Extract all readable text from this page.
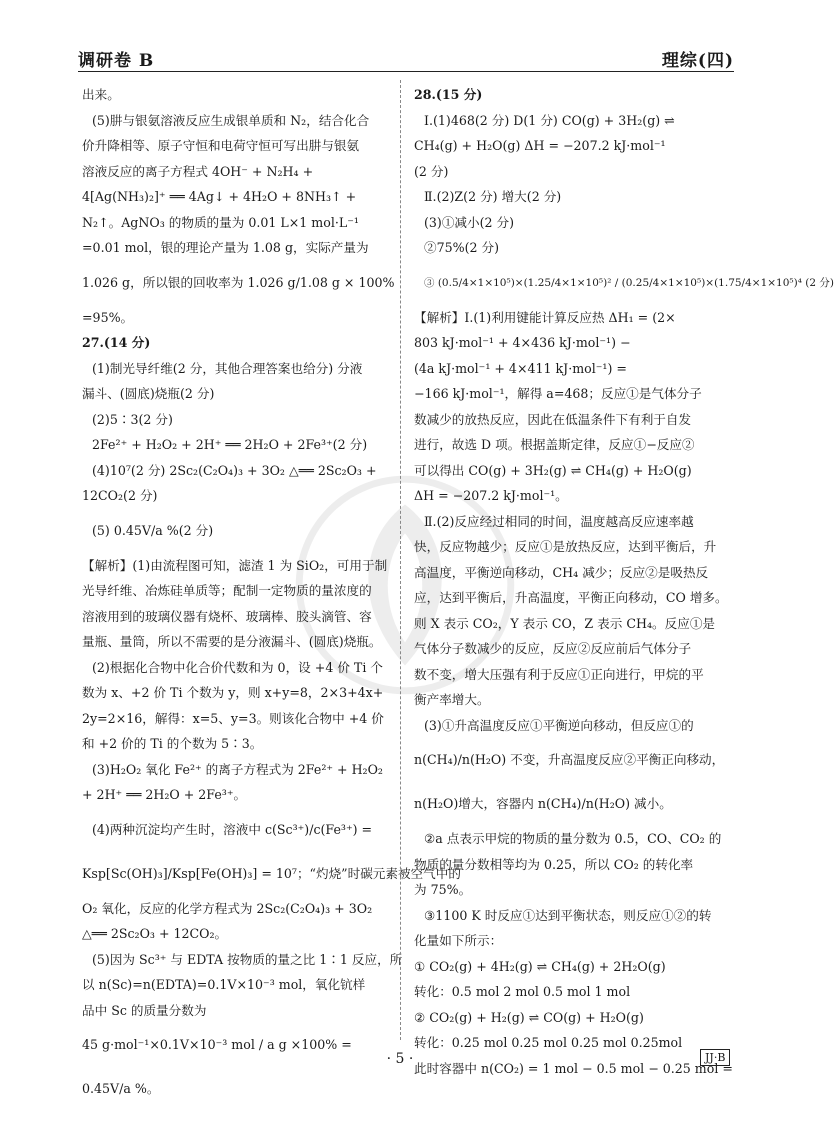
调研卷 B	理综(四)
出来。
(5)肼与银氨溶液反应生成银单质和 N₂，结合化合
价升降相等、原子守恒和电荷守恒可写出肼与银氨
溶液反应的离子方程式 4OH⁻ + N₂H₄ +
4[Ag(NH₃)₂]⁺ ══ 4Ag↓ + 4H₂O + 8NH₃↑ +
N₂↑。AgNO₃ 的物质的量为 0.01 L×1 mol·L⁻¹
=0.01 mol，银的理论产量为 1.08 g，实际产量为
1.026 g，所以银的回收率为 1.026 g/1.08 g × 100%
=95%。
27.(14 分)
(1)制光导纤维(2 分，其他合理答案也给分) 分液
漏斗、(圆底)烧瓶(2 分)
(2)5∶3(2 分)
2Fe²⁺ + H₂O₂ + 2H⁺ ══ 2H₂O + 2Fe³⁺(2 分)
(4)10⁷(2 分) 2Sc₂(C₂O₄)₃ + 3O₂ △══ 2Sc₂O₃ +
12CO₂(2 分)
(5) 0.45V/a %(2 分)
【解析】(1)由流程图可知，滤渣 1 为 SiO₂，可用于制
光导纤维、冶炼硅单质等；配制一定物质的量浓度的
溶液用到的玻璃仪器有烧杯、玻璃棒、胶头滴管、容
量瓶、量筒，所以不需要的是分液漏斗、(圆底)烧瓶。
(2)根据化合物中化合价代数和为 0，设 +4 价 Ti 个
数为 x、+2 价 Ti 个数为 y，则 x+y=8，2×3+4x+
2y=2×16，解得：x=5、y=3。则该化合物中 +4 价
和 +2 价的 Ti 的个数为 5∶3。
(3)H₂O₂ 氧化 Fe²⁺ 的离子方程式为 2Fe²⁺ + H₂O₂
+ 2H⁺ ══ 2H₂O + 2Fe³⁺。
(4)两种沉淀均产生时，溶液中 c(Sc³⁺)/c(Fe³⁺) =
Ksp[Sc(OH)₃]/Ksp[Fe(OH)₃] = 10⁷；“灼烧”时碳元素被空气中的
O₂ 氧化，反应的化学方程式为 2Sc₂(C₂O₄)₃ + 3O₂
△══ 2Sc₂O₃ + 12CO₂。
(5)因为 Sc³⁺ 与 EDTA 按物质的量之比 1∶1 反应，所
以 n(Sc)=n(EDTA)=0.1V×10⁻³ mol，氧化钪样
品中 Sc 的质量分数为
45 g·mol⁻¹×0.1V×10⁻³ mol / a g ×100% =
0.45V/a %。
28.(15 分)
Ⅰ.(1)468(2 分) D(1 分) CO(g) + 3H₂(g) ⇌
CH₄(g) + H₂O(g) ΔH = −207.2 kJ·mol⁻¹
(2 分)
Ⅱ.(2)Z(2 分) 增大(2 分)
(3)①减小(2 分)
②75%(2 分)
③ (0.5/4×1×10⁵)×(1.25/4×1×10⁵)² / (0.25/4×1×10⁵)×(1.75/4×1×10⁵)⁴ (2 分)
【解析】Ⅰ.(1)利用键能计算反应热 ΔH₁ = (2×
803 kJ·mol⁻¹ + 4×436 kJ·mol⁻¹) −
(4a kJ·mol⁻¹ + 4×411 kJ·mol⁻¹) =
−166 kJ·mol⁻¹，解得 a=468；反应①是气体分子
数减少的放热反应，因此在低温条件下有利于自发
进行，故选 D 项。根据盖斯定律，反应①−反应②
可以得出 CO(g) + 3H₂(g) ⇌ CH₄(g) + H₂O(g)
ΔH = −207.2 kJ·mol⁻¹。
Ⅱ.(2)反应经过相同的时间，温度越高反应速率越
快，反应物越少；反应①是放热反应，达到平衡后，升
高温度，平衡逆向移动，CH₄ 减少；反应②是吸热反
应，达到平衡后，升高温度，平衡正向移动，CO 增多。
则 X 表示 CO₂，Y 表示 CO，Z 表示 CH₄。反应①是
气体分子数减少的反应，反应②反应前后气体分子
数不变，增大压强有利于反应①正向进行，甲烷的平
衡产率增大。
(3)①升高温度反应①平衡逆向移动，但反应①的
n(CH₄)/n(H₂O) 不变，升高温度反应②平衡正向移动，
n(H₂O)增大，容器内 n(CH₄)/n(H₂O) 减小。
②a 点表示甲烷的物质的量分数为 0.5，CO、CO₂ 的
物质的量分数相等均为 0.25，所以 CO₂ 的转化率
为 75%。
③1100 K 时反应①达到平衡状态，则反应①②的转
化量如下所示：
① CO₂(g) + 4H₂(g) ⇌ CH₄(g) + 2H₂O(g)
转化：0.5 mol 2 mol 0.5 mol 1 mol
② CO₂(g) + H₂(g) ⇌ CO(g) + H₂O(g)
转化：0.25 mol 0.25 mol 0.25 mol 0.25mol
此时容器中 n(CO₂) = 1 mol − 0.5 mol − 0.25 mol =
· 5 ·	JJ·B
